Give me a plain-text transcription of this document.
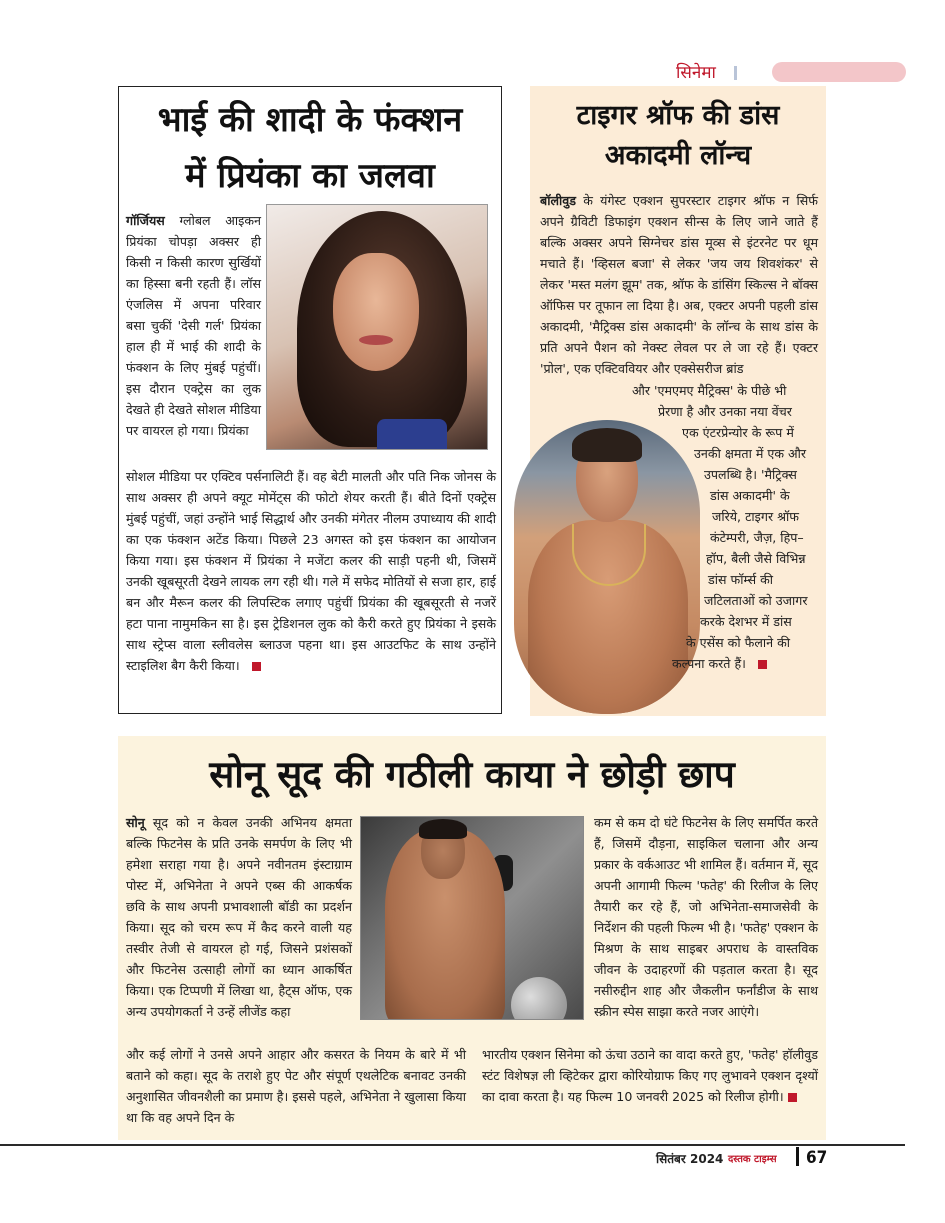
सिनेमा
भाई की शादी के फंक्शन
में प्रियंका का जलवा

गॉर्जियस ग्लोबल आइकन प्रियंका चोपड़ा अक्सर ही किसी न किसी कारण सुर्खियों का हिस्सा बनी रहती हैं। लॉस एंजलिस में अपना परिवार बसा चुकीं 'देसी गर्ल' प्रियंका हाल ही में भाई की शादी के फंक्शन के लिए मुंबई पहुंचीं। इस दौरान एक्ट्रेस का लुक देखते ही देखते सोशल मीडिया पर वायरल हो गया। प्रियंका

सोशल मीडिया पर एक्टिव पर्सनालिटी हैं। वह बेटी मालती और पति निक जोनस के साथ अक्सर ही अपने क्यूट मोमेंट्स की फोटो शेयर करती हैं। बीते दिनों एक्ट्रेस मुंबई पहुंचीं, जहां उन्होंने भाई सिद्धार्थ और उनकी मंगेतर नीलम उपाध्याय की शादी का एक फंक्शन अटेंड किया। पिछले 23 अगस्त को इस फंक्शन का आयोजन किया गया। इस फंक्शन में प्रियंका ने मजेंटा कलर की साड़ी पहनी थी, जिसमें उनकी खूबसूरती देखने लायक लग रही थी। गले में सफेद मोतियों से सजा हार, हाई बन और मैरून कलर की लिपस्टिक लगाए पहुंचीं प्रियंका की खूबसूरती से नजरें हटा पाना नामुमकिन सा है। इस ट्रेडिशनल लुक को कैरी करते हुए प्रियंका ने इसके साथ स्ट्रेप्स वाला स्लीवलेस ब्लाउज पहना था। इस आउटफिट के साथ उन्होंने स्टाइलिश बैग कैरी किया।

टाइगर श्रॉफ की डांस
अकादमी लॉन्च

बॉलीवुड के यंगेस्ट एक्शन सुपरस्टार टाइगर श्रॉफ न सिर्फ अपने ग्रैविटी डिफाइंग एक्शन सीन्स के लिए जाने जाते हैं बल्कि अक्सर अपने सिग्नेचर डांस मूव्स से इंटरनेट पर धूम मचाते हैं। 'व्हिसल बजा' से लेकर 'जय जय शिवशंकर' से लेकर 'मस्त मलंग झूम' तक, श्रॉफ के डांसिंग स्किल्स ने बॉक्स ऑफिस पर तूफान ला दिया है। अब, एक्टर अपनी पहली डांस अकादमी, 'मैट्रिक्स डांस अकादमी' के लॉन्च के साथ डांस के प्रति अपने पैशन को नेक्स्ट लेवल पर ले जा रहे हैं। एक्टर 'प्रोल', एक एक्टिववियर और एक्सेसरीज ब्रांड

और 'एमएमए मैट्रिक्स' के पीछे भी
प्रेरणा है और उनका नया वेंचर
एक एंटरप्रेन्योर के रूप में
उनकी क्षमता में एक और
उपलब्धि है। 'मैट्रिक्स
डांस अकादमी' के
जरिये, टाइगर श्रॉफ
कंटेम्परी, जैज़, हिप–
हॉप, बैली जैसे विभिन्न
डांस फॉर्म्स की
जटिलताओं को उजागर
करके देशभर में डांस
के एसेंस को फैलाने की
कल्पना करते हैं।
सोनू सूद की गठीली काया ने छोड़ी छाप

सोनू सूद को न केवल उनकी अभिनय क्षमता बल्कि फिटनेस के प्रति उनके समर्पण के लिए भी हमेशा सराहा गया है। अपने नवीनतम इंस्टाग्राम पोस्ट में, अभिनेता ने अपने एब्स की आकर्षक छवि के साथ अपनी प्रभावशाली बॉडी का प्रदर्शन किया। सूद को चरम रूप में कैद करने वाली यह तस्वीर तेजी से वायरल हो गई, जिसने प्रशंसकों और फिटनेस उत्साही लोगों का ध्यान आकर्षित किया। एक टिप्पणी में लिखा था, हैट्स ऑफ, एक अन्य उपयोगकर्ता ने उन्हें लीजेंड कहा

कम से कम दो घंटे फिटनेस के लिए समर्पित करते हैं, जिसमें दौड़ना, साइकिल चलाना और अन्य प्रकार के वर्कआउट भी शामिल हैं। वर्तमान में, सूद अपनी आगामी फिल्म 'फतेह' की रिलीज के लिए तैयारी कर रहे हैं, जो अभिनेता-समाजसेवी के निर्देशन की पहली फिल्म भी है। 'फतेह' एक्शन के मिश्रण के साथ साइबर अपराध के वास्तविक जीवन के उदाहरणों की पड़ताल करता है। सूद नसीरुद्दीन शाह और जैकलीन फर्नांडीज के साथ स्क्रीन स्पेस साझा करते नजर आएंगे।

और कई लोगों ने उनसे अपने आहार और कसरत के नियम के बारे में भी बताने को कहा। सूद के तराशे हुए पेट और संपूर्ण एथलेटिक बनावट उनकी अनुशासित जीवनशैली का प्रमाण है। इससे पहले, अभिनेता ने खुलासा किया था कि वह अपने दिन के

भारतीय एक्शन सिनेमा को ऊंचा उठाने का वादा करते हुए, 'फतेह' हॉलीवुड स्टंट विशेषज्ञ ली व्हिटेकर द्वारा कोरियोग्राफ किए गए लुभावने एक्शन दृश्यों का दावा करता है। यह फिल्म 10 जनवरी 2025 को रिलीज होगी।

सितंबर 2024 दस्तक टाइम्स 67
